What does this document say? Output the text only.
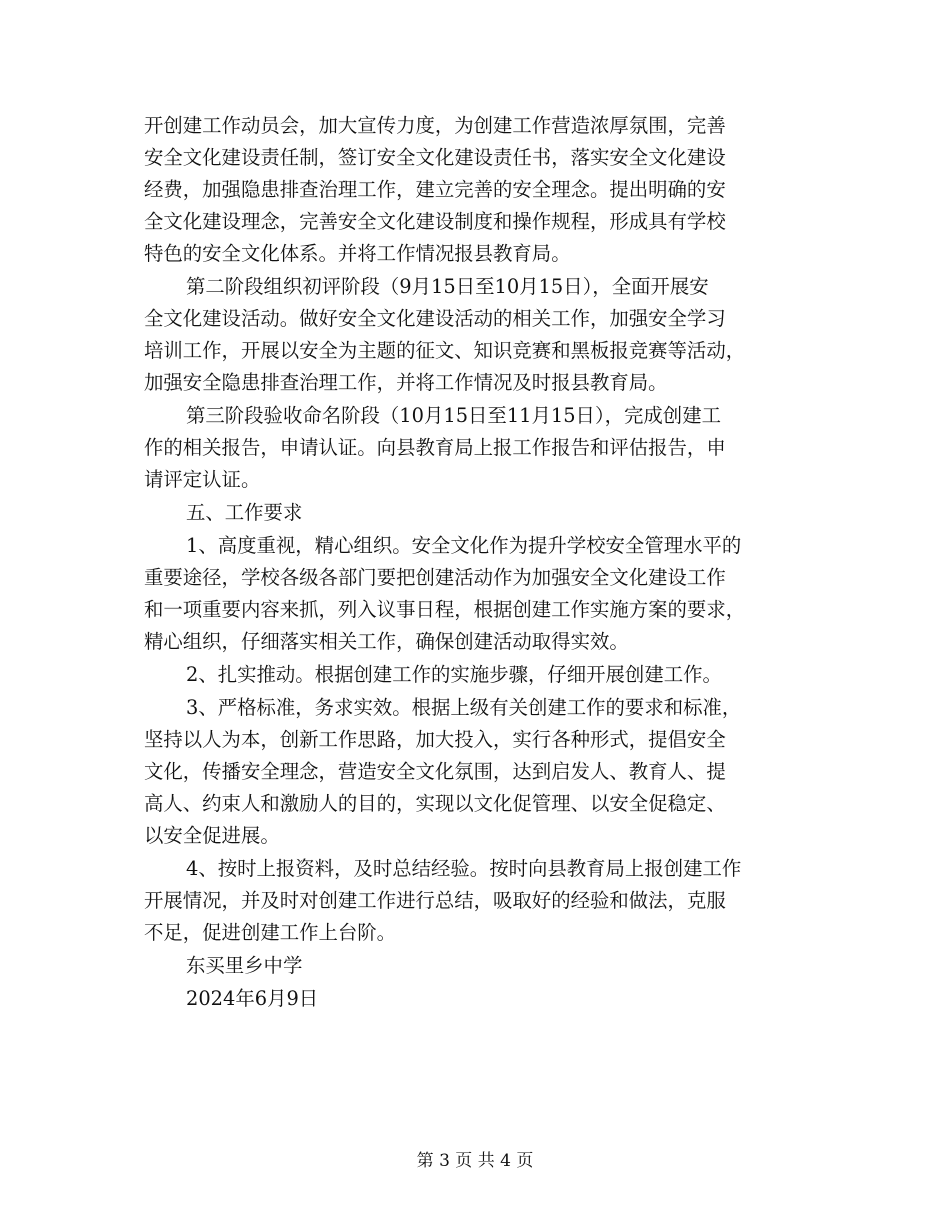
开创建工作动员会，加大宣传力度，为创建工作营造浓厚氛围，完善
安全文化建设责任制，签订安全文化建设责任书，落实安全文化建设
经费，加强隐患排查治理工作，建立完善的安全理念。提出明确的安
全文化建设理念，完善安全文化建设制度和操作规程，形成具有学校
特色的安全文化体系。并将工作情况报县教育局。
第二阶段组织初评阶段（9月15日至10月15日），全面开展安
全文化建设活动。做好安全文化建设活动的相关工作，加强安全学习
培训工作，开展以安全为主题的征文、知识竞赛和黑板报竞赛等活动，
加强安全隐患排查治理工作，并将工作情况及时报县教育局。
第三阶段验收命名阶段（10月15日至11月15日），完成创建工
作的相关报告，申请认证。向县教育局上报工作报告和评估报告，申
请评定认证。
五、工作要求
1、高度重视，精心组织。安全文化作为提升学校安全管理水平的
重要途径，学校各级各部门要把创建活动作为加强安全文化建设工作
和一项重要内容来抓，列入议事日程，根据创建工作实施方案的要求，
精心组织，仔细落实相关工作，确保创建活动取得实效。
2、扎实推动。根据创建工作的实施步骤，仔细开展创建工作。
3、严格标准，务求实效。根据上级有关创建工作的要求和标准，
坚持以人为本，创新工作思路，加大投入，实行各种形式，提倡安全
文化，传播安全理念，营造安全文化氛围，达到启发人、教育人、提
高人、约束人和激励人的目的，实现以文化促管理、以安全促稳定、
以安全促进展。
4、按时上报资料，及时总结经验。按时向县教育局上报创建工作
开展情况，并及时对创建工作进行总结，吸取好的经验和做法，克服
不足，促进创建工作上台阶。
东买里乡中学
2024年6月9日
第 3 页 共 4 页
